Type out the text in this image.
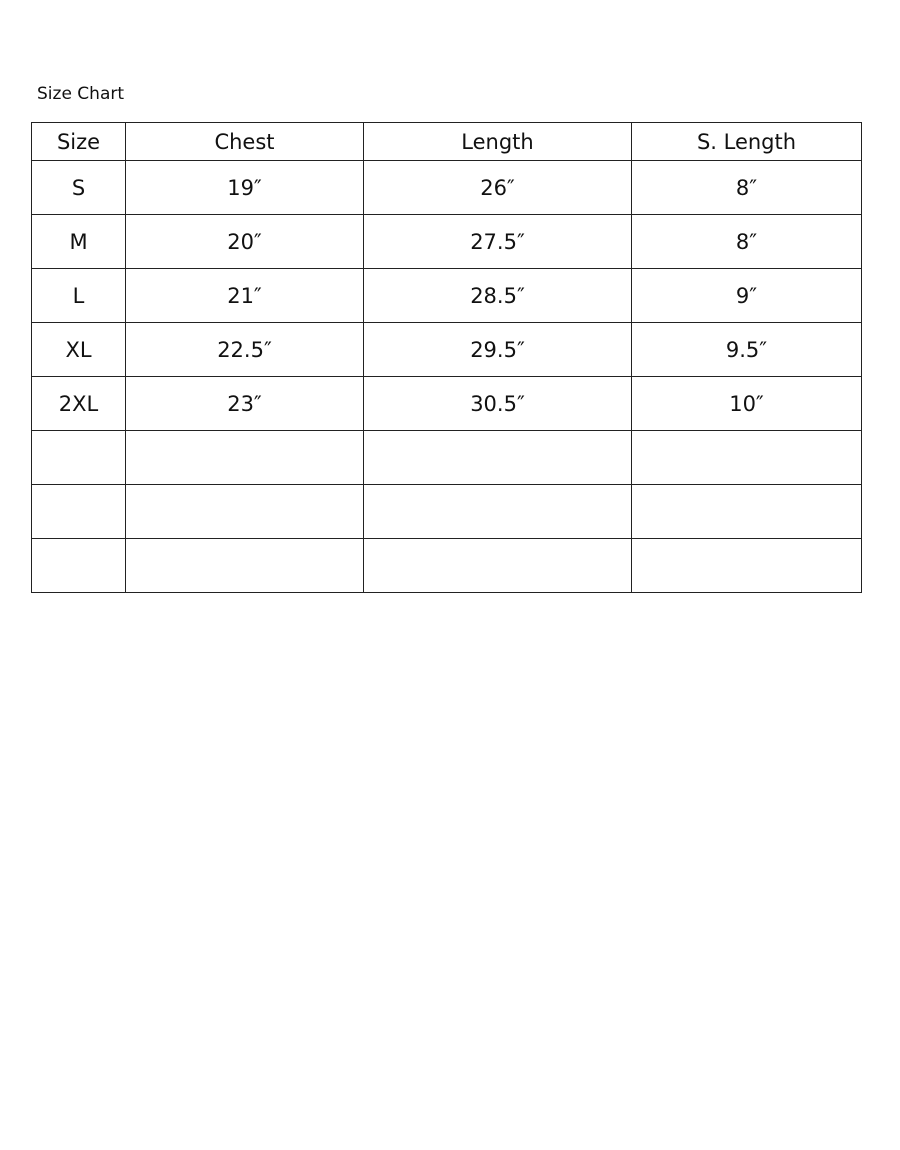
Size Chart
Size	Chest	Length	S. Length
S	19″	26″	8″
M	20″	27.5″	8″
L	21″	28.5″	9″
XL	22.5″	29.5″	9.5″
2XL	23″	30.5″	10″
